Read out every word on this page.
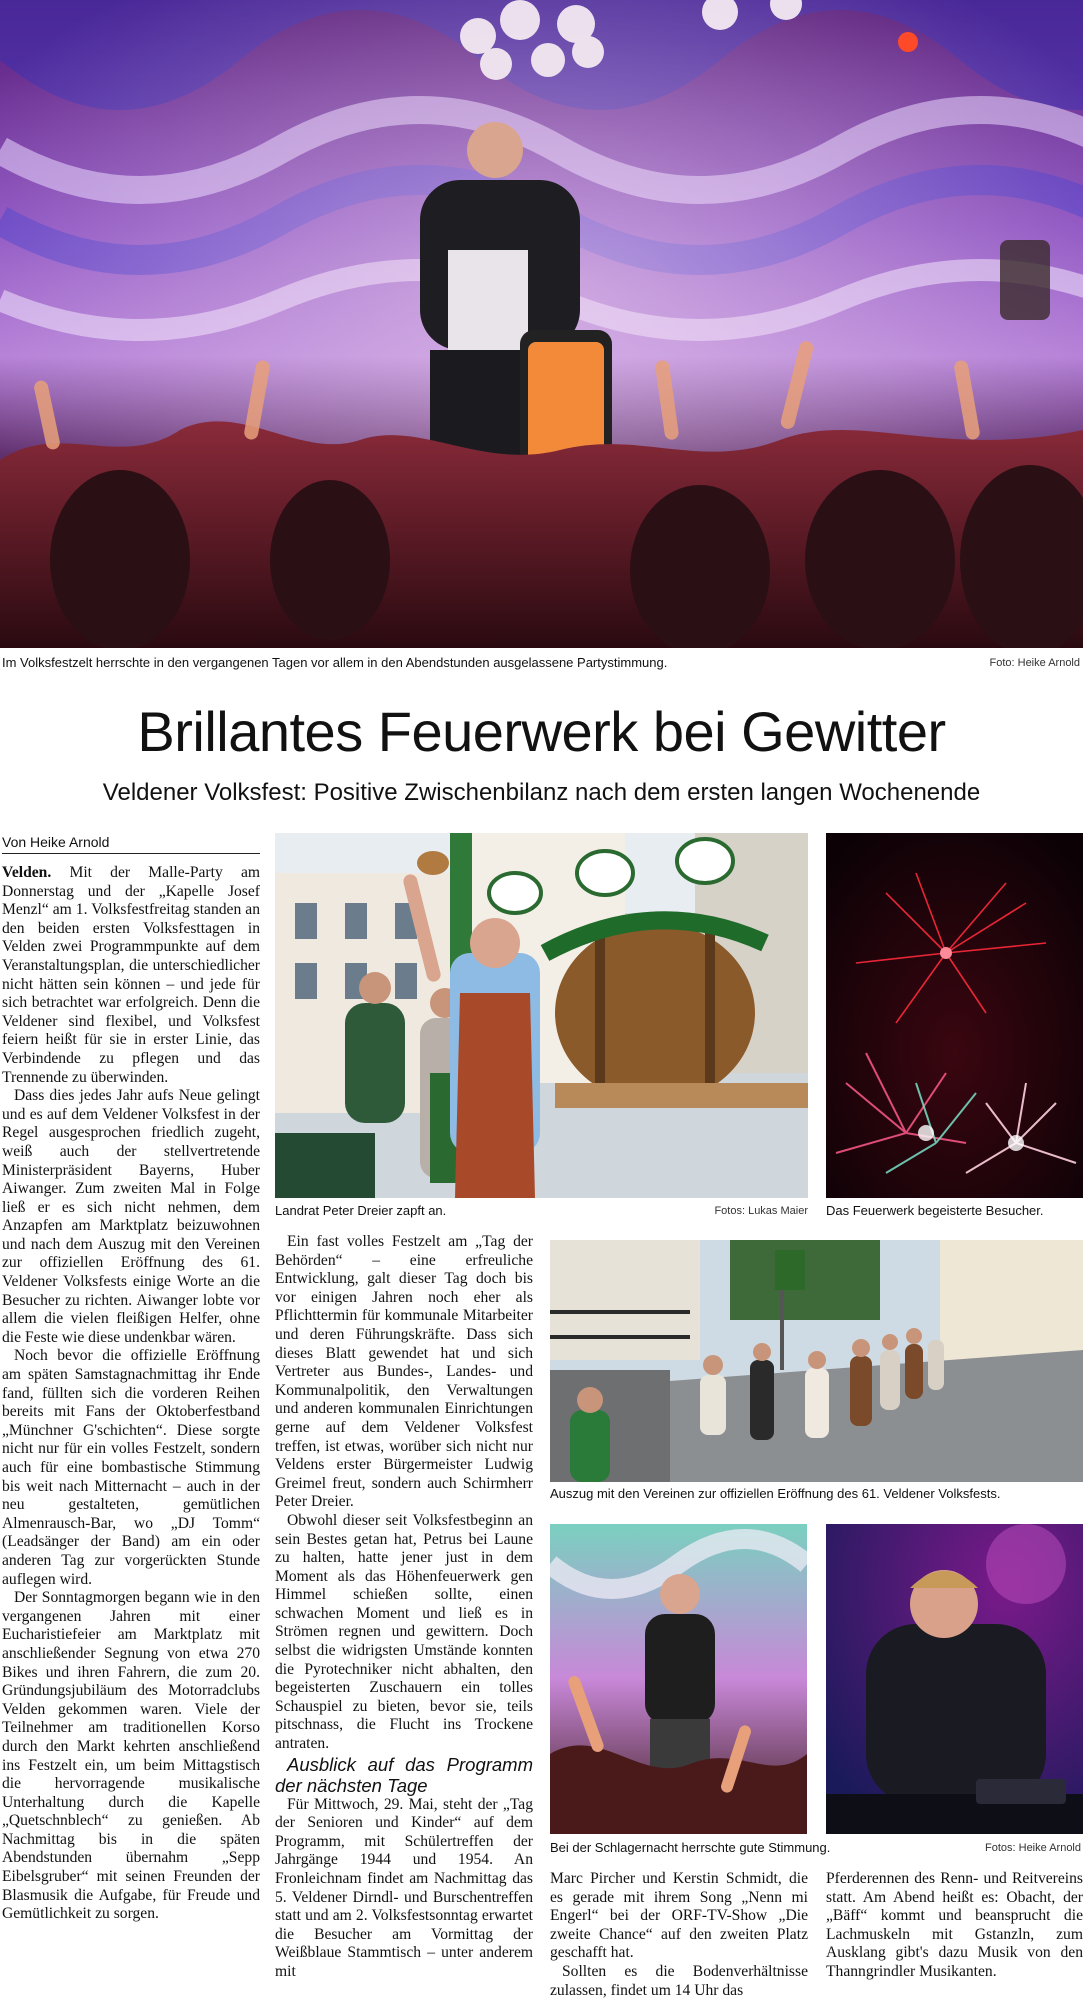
Im Volksfestzelt herrschte in den vergangenen Tagen vor allem in den Abendstunden ausgelassene Partystimmung.	Foto: Heike Arnold
Brillantes Feuerwerk bei Gewitter
Veldener Volksfest: Positive Zwischenbilanz nach dem ersten langen Wochenende
Von Heike Arnold

Velden. Mit der Malle-Party am Donnerstag und der „Kapelle Josef Menzl“ am 1. Volksfestfreitag standen an den beiden ersten Volksfesttagen in Velden zwei Programmpunkte auf dem Veranstaltungsplan, die unterschiedlicher nicht hätten sein können – und jede für sich betrachtet war erfolgreich. Denn die Veldener sind flexibel, und Volksfest feiern heißt für sie in erster Linie, das Verbindende zu pflegen und das Trennende zu überwinden.

Dass dies jedes Jahr aufs Neue gelingt und es auf dem Veldener Volksfest in der Regel ausgesprochen friedlich zugeht, weiß auch der stellvertretende Ministerpräsident Bayerns, Huber Aiwanger. Zum zweiten Mal in Folge ließ er es sich nicht nehmen, dem Anzapfen am Marktplatz beizuwohnen und nach dem Auszug mit den Vereinen zur offiziellen Eröffnung des 61. Veldener Volksfests einige Worte an die Besucher zu richten. Aiwanger lobte vor allem die vielen fleißigen Helfer, ohne die Feste wie diese undenkbar wären.

Noch bevor die offizielle Eröffnung am späten Samstagnachmittag ihr Ende fand, füllten sich die vorderen Reihen bereits mit Fans der Oktoberfestband „Münchner G'schichten“. Diese sorgte nicht nur für ein volles Festzelt, sondern auch für eine bombastische Stimmung bis weit nach Mitternacht – auch in der neu gestalteten, gemütlichen Almenrausch-Bar, wo „DJ Tomm“ (Leadsänger der Band) am ein oder anderen Tag zur vorgerückten Stunde auflegen wird.

Der Sonntagmorgen begann wie in den vergangenen Jahren mit einer Eucharistiefeier am Marktplatz mit anschließender Segnung von etwa 270 Bikes und ihren Fahrern, die zum 20. Gründungsjubiläum des Motorradclubs Velden gekommen waren. Viele der Teilnehmer am traditionellen Korso durch den Markt kehrten anschließend ins Festzelt ein, um beim Mittagstisch die hervorragende musikalische Unterhaltung durch die Kapelle „Quetschnblech“ zu genießen. Ab Nachmittag bis in die späten Abendstunden übernahm „Sepp Eibelsgruber“ mit seinen Freunden der Blasmusik die Aufgabe, für Freude und Gemütlichkeit zu sorgen.

Landrat Peter Dreier zapft an.	Fotos: Lukas Maier Das Feuerwerk begeisterte Besucher.

Ein fast volles Festzelt am „Tag der Behörden“ – eine erfreuliche Entwicklung, galt dieser Tag doch bis vor einigen Jahren noch eher als Pflichttermin für kommunale Mitarbeiter und deren Führungskräfte. Dass sich dieses Blatt gewendet hat und sich Vertreter aus Bundes-, Landes- und Kommunalpolitik, den Verwaltungen und anderen kommunalen Einrichtungen gerne auf dem Veldener Volksfest treffen, ist etwas, worüber sich nicht nur Veldens erster Bürgermeister Ludwig Greimel freut, sondern auch Schirmherr Peter Dreier.

Obwohl dieser seit Volksfestbeginn an sein Bestes getan hat, Petrus bei Laune zu halten, hatte jener just in dem Moment als das Höhenfeuerwerk gen Himmel schießen sollte, einen schwachen Moment und ließ es in Strömen regnen und gewittern. Doch selbst die widrigsten Umstände konnten die Pyrotechniker nicht abhalten, den begeisterten Zuschauern ein tolles Schauspiel zu bieten, bevor sie, teils pitschnass, die Flucht ins Trockene antraten.

Ausblick auf das Programm der nächsten Tage

Für Mittwoch, 29. Mai, steht der „Tag der Senioren und Kinder“ auf dem Programm, mit Schülertreffen der Jahrgänge 1944 und 1954. An Fronleichnam findet am Nachmittag das 5. Veldener Dirndl- und Burschentreffen statt und am 2. Volksfestsonntag erwartet die Besucher am Vormittag der Weißblaue Stammtisch – unter anderem mit

Auszug mit den Vereinen zur offiziellen Eröffnung des 61. Veldener Volksfests.
Bei der Schlagernacht herrschte gute Stimmung.	Fotos: Heike Arnold

Marc Pircher und Kerstin Schmidt, die es gerade mit ihrem Song „Nenn mi Engerl“ bei der ORF-TV-Show „Die zweite Chance“ auf den zweiten Platz geschafft hat.

Sollten es die Bodenverhältnisse zulassen, findet um 14 Uhr das

Pferderennen des Renn- und Reitvereins statt. Am Abend heißt es: Obacht, der „Bäff“ kommt und beansprucht die Lachmuskeln mit Gstanzln, zum Ausklang gibt's dazu Musik von den Thanngrindler Musikanten.
